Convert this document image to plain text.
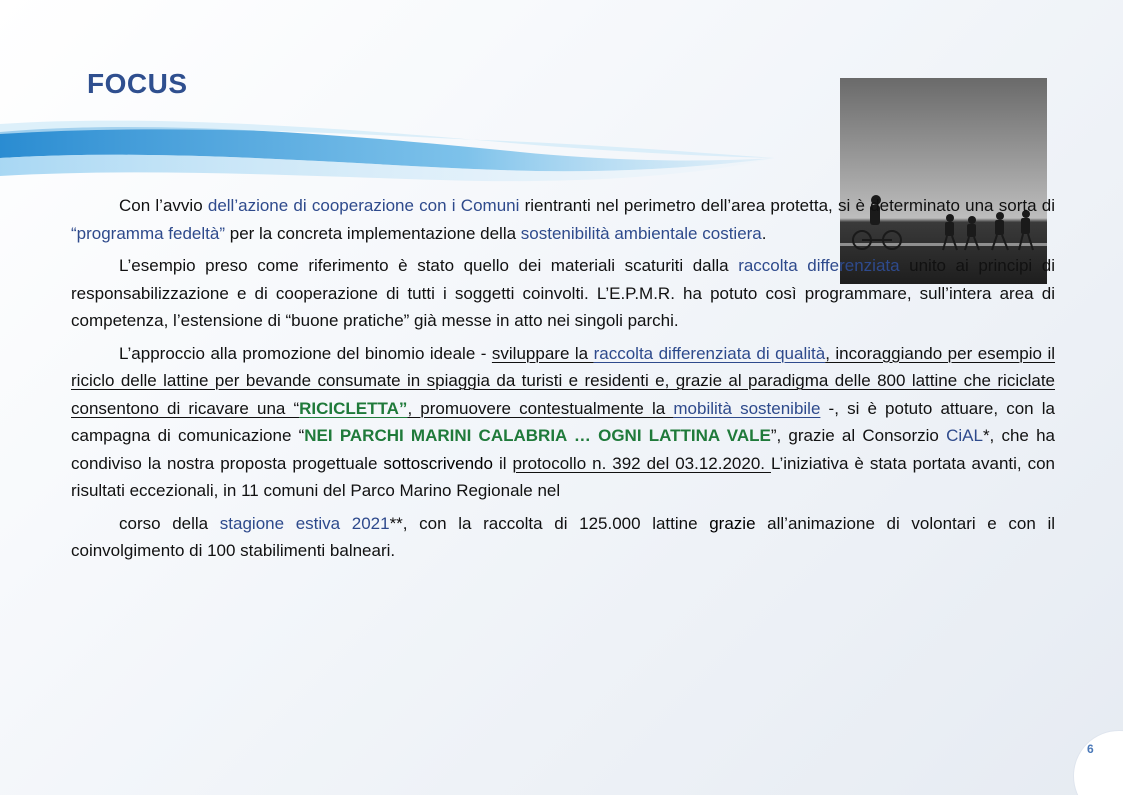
FOCUS

Con l’avvio dell’azione di cooperazione con i Comuni rientranti nel perimetro dell’area protetta, si è determinato una sorta di “programma fedeltà” per la concreta implementazione della sostenibilità ambientale costiera.

L’esempio preso come riferimento è stato quello dei materiali scaturiti dalla raccolta differenziata unito ai principi di responsabilizzazione e di cooperazione di tutti i soggetti coinvolti. L’E.P.M.R. ha potuto così programmare, sull’intera area di competenza, l’estensione di “buone pratiche” già messe in atto nei singoli parchi.

L’approccio alla promozione del binomio ideale - sviluppare la raccolta differenziata di qualità, incoraggiando per esempio il riciclo delle lattine per bevande consumate in spiaggia da turisti e residenti e, grazie al paradigma delle 800 lattine che riciclate consentono di ricavare una “RICICLETTA”, promuovere contestualmente la mobilità sostenibile -, si è potuto attuare, con la campagna di comunicazione “NEI PARCHI MARINI CALABRIA … OGNI LATTINA VALE”, grazie al Consorzio CiAL*, che ha condiviso la nostra proposta progettuale sottoscrivendo il protocollo n. 392 del 03.12.2020. L’iniziativa è stata portata avanti, con risultati eccezionali, in 11 comuni del Parco Marino Regionale nel

corso della stagione estiva 2021**, con la raccolta di 125.000 lattine grazie all’animazione di volontari e con il coinvolgimento di 100 stabilimenti balneari.

6
